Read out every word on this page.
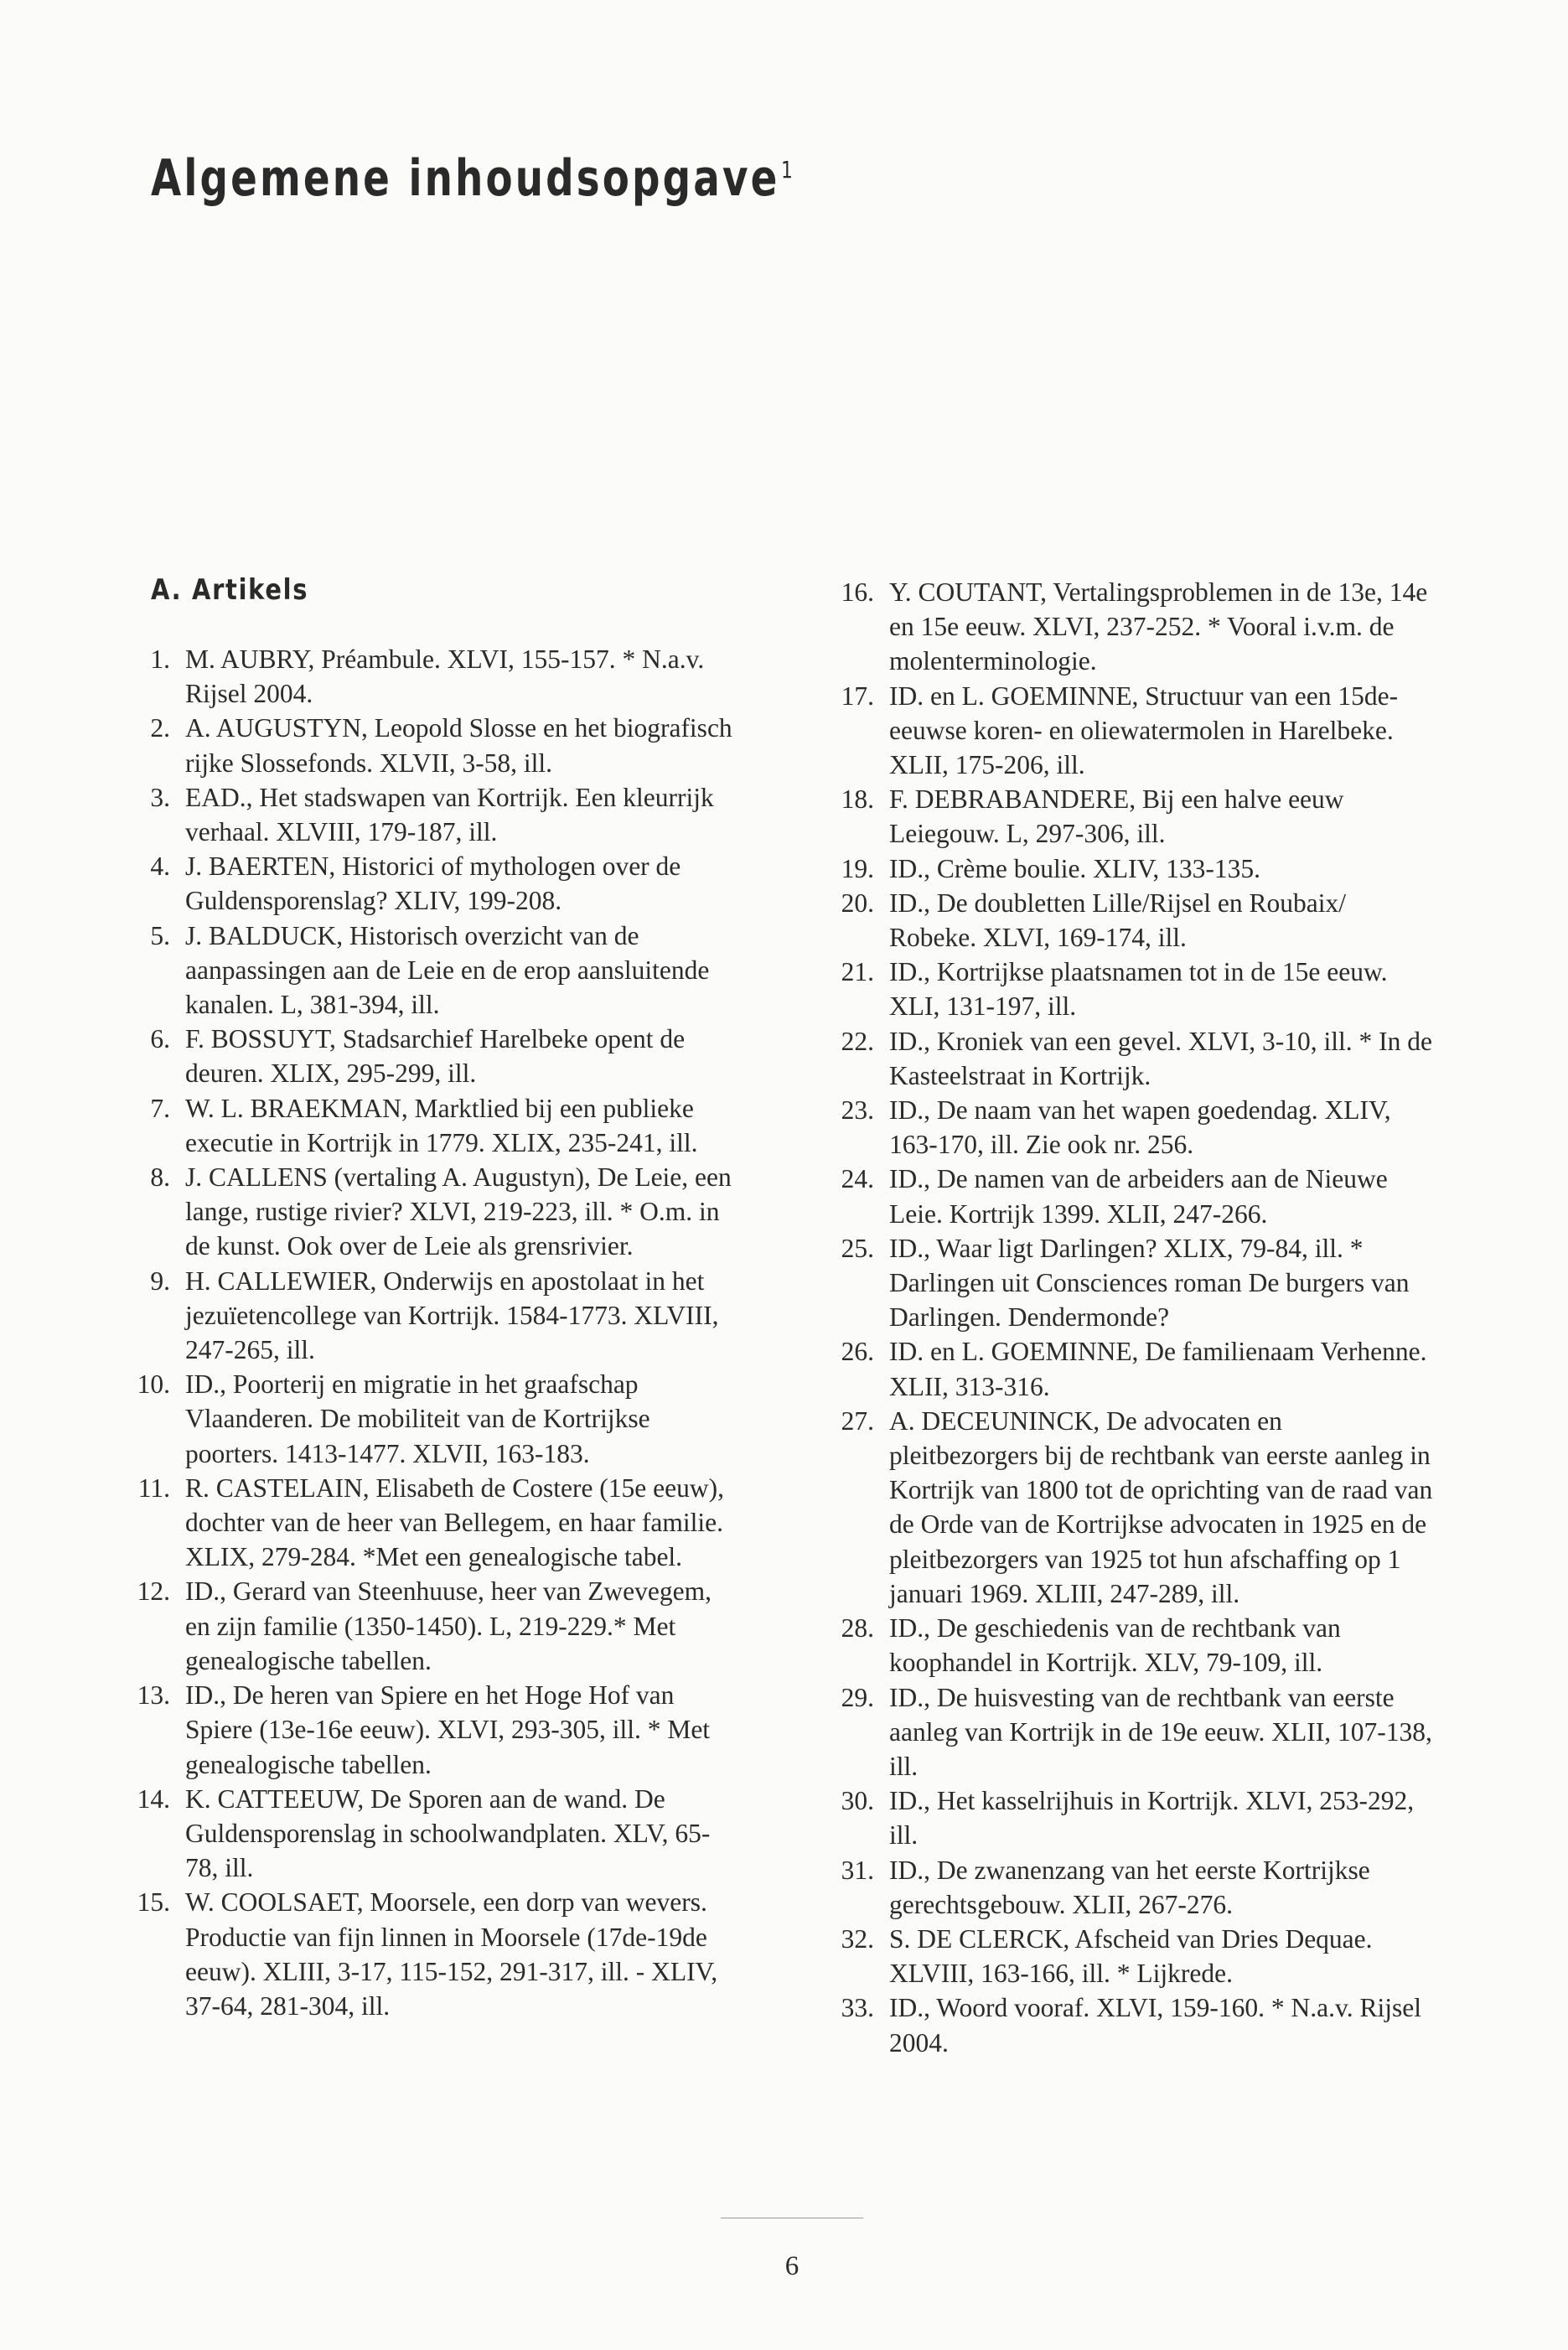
Algemene inhoudsopgave$^1$
A. Artikels
1. M. AUBRY, Préambule. XLVI, 155-157. * N.a.v. Rijsel 2004.
2. A. AUGUSTYN, Leopold Slosse en het biografisch rijke Slossefonds. XLVII, 3-58, ill.
3. EAD., Het stadswapen van Kortrijk. Een kleurrijk verhaal. XLVIII, 179-187, ill.
4. J. BAERTEN, Historici of mythologen over de Guldensporenslag? XLIV, 199-208.
5. J. BALDUCK, Historisch overzicht van de aanpassingen aan de Leie en de erop aansluitende kanalen. L, 381-394, ill.
6. F. BOSSUYT, Stadsarchief Harelbeke opent de deuren. XLIX, 295-299, ill.
7. W. L. BRAEKMAN, Marktlied bij een publieke executie in Kortrijk in 1779. XLIX, 235-241, ill.
8. J. CALLENS (vertaling A. Augustyn), De Leie, een lange, rustige rivier? XLVI, 219-223, ill. * O.m. in de kunst. Ook over de Leie als grensrivier.
9. H. CALLEWIER, Onderwijs en apostolaat in het jezuïetencollege van Kortrijk. 1584-1773. XLVIII, 247-265, ill.
10. ID., Poorterij en migratie in het graafschap Vlaanderen. De mobiliteit van de Kortrijkse poorters. 1413-1477. XLVII, 163-183.
11. R. CASTELAIN, Elisabeth de Costere (15e eeuw), dochter van de heer van Bellegem, en haar familie. XLIX, 279-284. *Met een genealogische tabel.
12. ID., Gerard van Steenhuuse, heer van Zwevegem, en zijn familie (1350-1450). L, 219-229.* Met genealogische tabellen.
13. ID., De heren van Spiere en het Hoge Hof van Spiere (13e-16e eeuw). XLVI, 293-305, ill. * Met genealogische tabellen.
14. K. CATTEEUW, De Sporen aan de wand. De Guldensporenslag in schoolwandplaten. XLV, 65-78, ill.
15. W. COOLSAET, Moorsele, een dorp van wevers. Productie van fijn linnen in Moorsele (17de-19de eeuw). XLIII, 3-17, 115-152, 291-317, ill. - XLIV, 37-64, 281-304, ill.
16. Y. COUTANT, Vertalingsproblemen in de 13e, 14e en 15e eeuw. XLVI, 237-252. * Vooral i.v.m. de molenterminologie.
17. ID. en L. GOEMINNE, Structuur van een 15de-eeuwse koren- en oliewatermolen in Harelbeke. XLII, 175-206, ill.
18. F. DEBRABANDERE, Bij een halve eeuw Leiegouw. L, 297-306, ill.
19. ID., Crème boulie. XLIV, 133-135.
20. ID., De doubletten Lille/Rijsel en Roubaix/ Robeke. XLVI, 169-174, ill.
21. ID., Kortrijkse plaatsnamen tot in de 15e eeuw. XLI, 131-197, ill.
22. ID., Kroniek van een gevel. XLVI, 3-10, ill. * In de Kasteelstraat in Kortrijk.
23. ID., De naam van het wapen goedendag. XLIV, 163-170, ill. Zie ook nr. 256.
24. ID., De namen van de arbeiders aan de Nieuwe Leie. Kortrijk 1399. XLII, 247-266.
25. ID., Waar ligt Darlingen? XLIX, 79-84, ill. * Darlingen uit Consciences roman De burgers van Darlingen. Dendermonde?
26. ID. en L. GOEMINNE, De familienaam Verhenne. XLII, 313-316.
27. A. DECEUNINCK, De advocaten en pleitbezorgers bij de rechtbank van eerste aanleg in Kortrijk van 1800 tot de oprichting van de raad van de Orde van de Kortrijkse advocaten in 1925 en de pleitbezorgers van 1925 tot hun afschaffing op 1 januari 1969. XLIII, 247-289, ill.
28. ID., De geschiedenis van de rechtbank van koophandel in Kortrijk. XLV, 79-109, ill.
29. ID., De huisvesting van de rechtbank van eerste aanleg van Kortrijk in de 19e eeuw. XLII, 107-138, ill.
30. ID., Het kasselrijhuis in Kortrijk. XLVI, 253-292, ill.
31. ID., De zwanenzang van het eerste Kortrijkse gerechtsgebouw. XLII, 267-276.
32. S. DE CLERCK, Afscheid van Dries Dequae. XLVIII, 163-166, ill. * Lijkrede.
33. ID., Woord vooraf. XLVI, 159-160. * N.a.v. Rijsel 2004.
6
